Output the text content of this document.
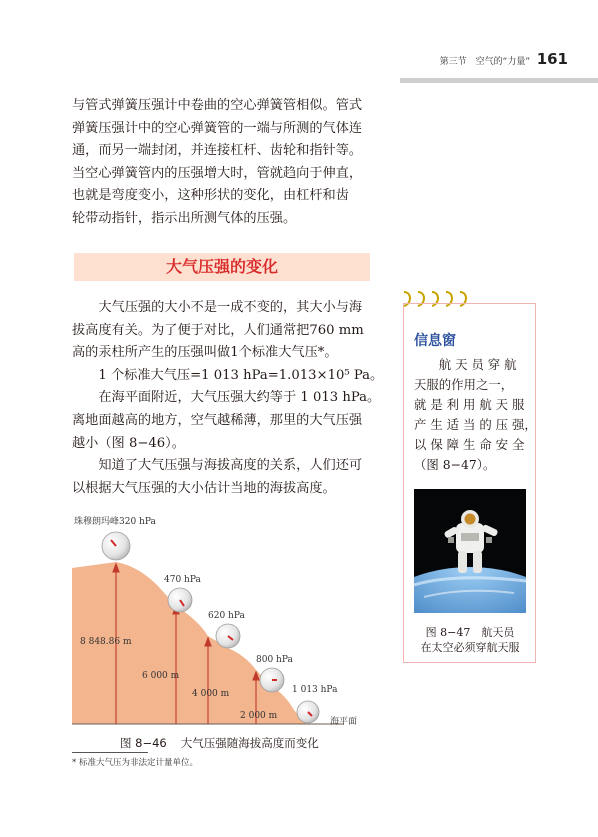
第三节　空气的“力量” 161
与管式弹簧压强计中卷曲的空心弹簧管相似。管式
弹簧压强计中的空心弹簧管的一端与所测的气体连
通，而另一端封闭，并连接杠杆、齿轮和指针等。
当空心弹簧管内的压强增大时，管就趋向于伸直，
也就是弯度变小，这种形状的变化，由杠杆和齿
轮带动指针，指示出所测气体的压强。
大气压强的变化
　　大气压强的大小不是一成不变的，其大小与海
拔高度有关。为了便于对比，人们通常把760 mm
高的汞柱所产生的压强叫做1个标准大气压*。
　　1 个标准大气压=1 013 hPa=1.013×10⁵ Pa。
　　在海平面附近，大气压强大约等于 1 013 hPa。
离地面越高的地方，空气越稀薄，那里的大气压强
越小（图 8−46）。
　　知道了大气压强与海拔高度的关系，人们还可
以根据大气压强的大小估计当地的海拔高度。
信息窗
　　航 天 员 穿 航
天服的作用之一，
就 是 利 用 航 天 服
产 生 适 当 的 压 强，
以 保 障 生 命 安 全
（图 8−47）。
图 8−47　航天员
在太空必须穿航天服
珠穆朗玛峰320 hPa
470 hPa
620 hPa
800 hPa
1 013 hPa
8 848.86 m
6 000 m
4 000 m
2 000 m
海平面
图 8−46 大气压强随海拔高度而变化
* 标准大气压为非法定计量单位。
